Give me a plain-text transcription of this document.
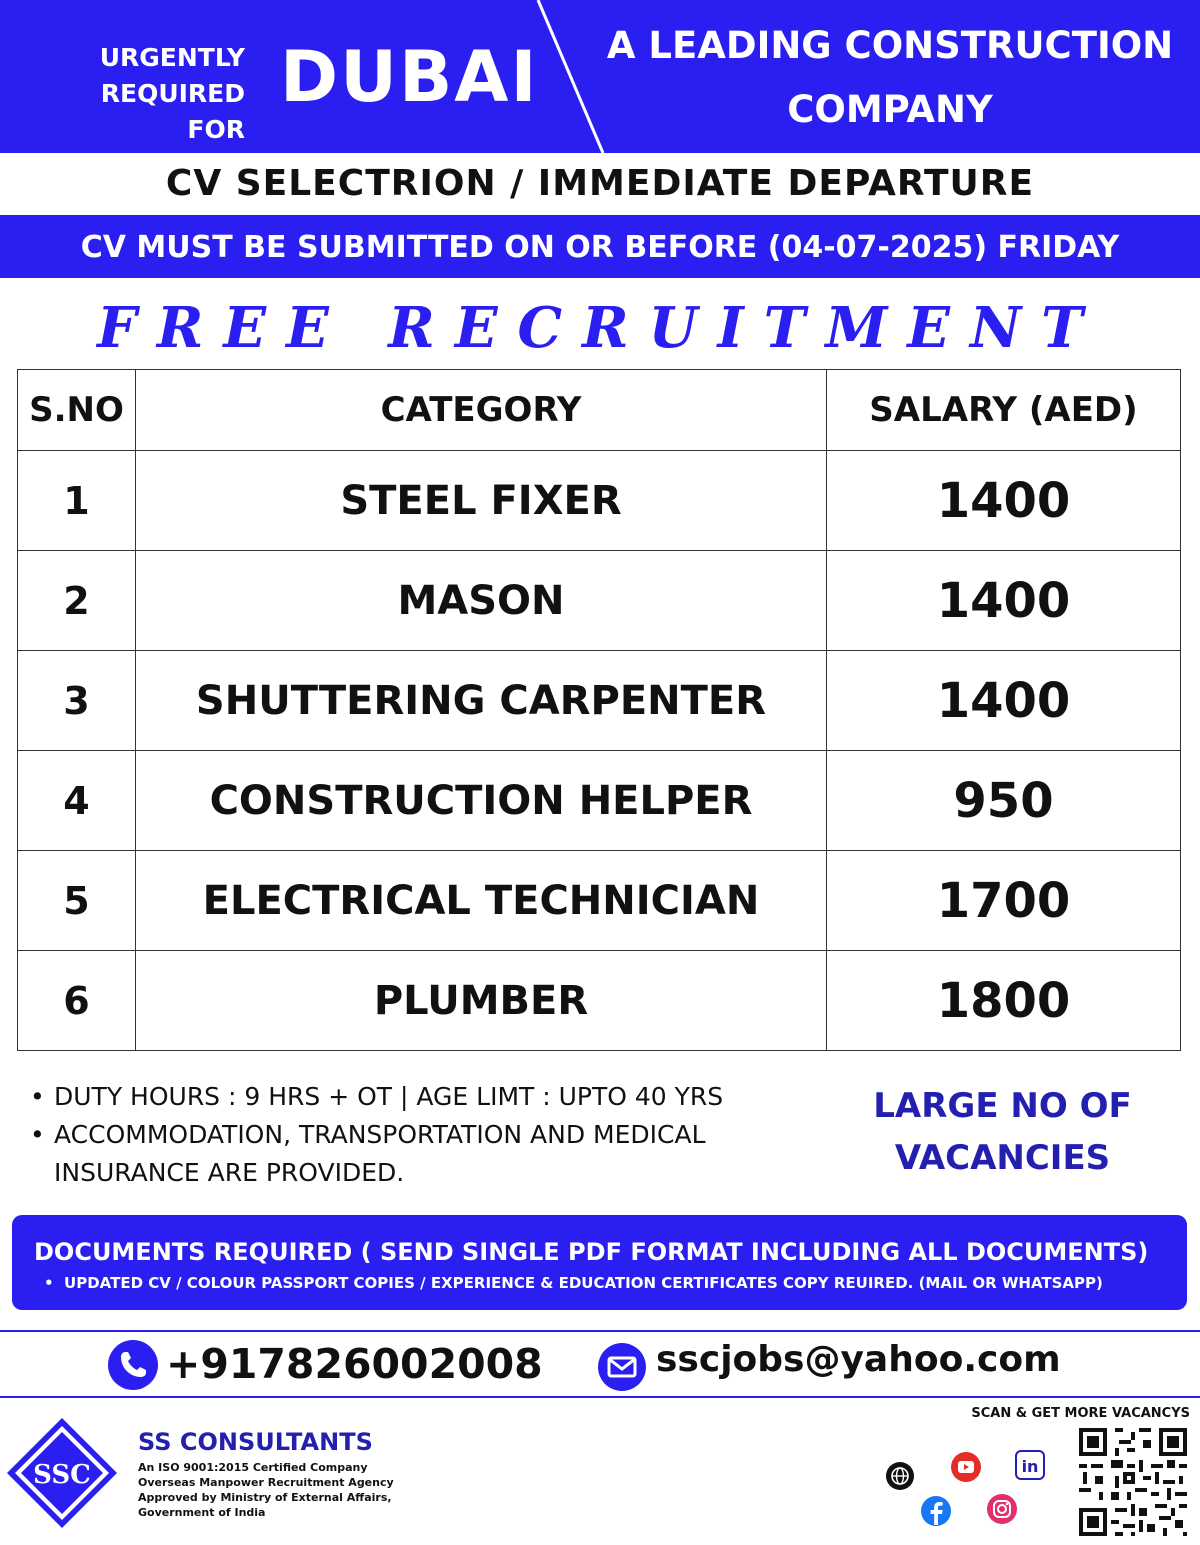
URGENTLY
REQUIRED FOR
DUBAI	A LEADING CONSTRUCTION
COMPANY
CV SELECTRION / IMMEDIATE DEPARTURE
CV MUST BE SUBMITTED ON OR BEFORE (04-07-2025) FRIDAY
FREE RECRUITMENT
S.NO	CATEGORY	SALARY (AED)
1	STEEL FIXER	1400
2	MASON	1400
3	SHUTTERING CARPENTER	1400
4	CONSTRUCTION HELPER	950
5	ELECTRICAL TECHNICIAN	1700
6	PLUMBER	1800
• DUTY HOURS : 9 HRS + OT | AGE LIMT : UPTO 40 YRS
• ACCOMMODATION, TRANSPORTATION AND MEDICAL INSURANCE ARE PROVIDED.
LARGE NO OF
VACANCIES
DOCUMENTS REQUIRED ( SEND SINGLE PDF FORMAT INCLUDING ALL DOCUMENTS)
•  UPDATED CV / COLOUR PASSPORT COPIES / EXPERIENCE & EDUCATION CERTIFICATES COPY REUIRED. (MAIL OR WHATSAPP)
+917826002008	sscjobs@yahoo.com
SSC
SS CONSULTANTS
An ISO 9001:2015 Certified Company
Overseas Manpower Recruitment Agency
Approved by Ministry of External Affairs,
Government of India
SCAN & GET MORE VACANCYS
in
